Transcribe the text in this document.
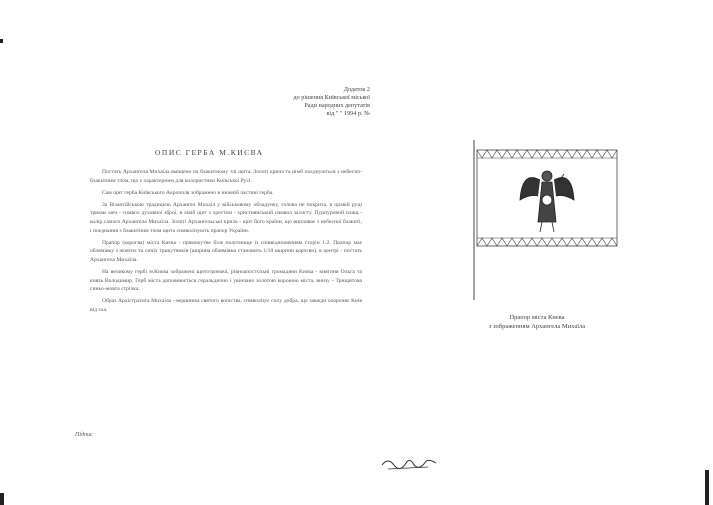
Додаток 2
до рішення Київської міської
Ради народних депутатів
від " " 1994 р. №
ОПИС ГЕРБА М.КИЄВА

Постать Архангела Михаїла вміщено на блакитному тлі щита. Золоті крила та німб поєднуються з небесно-блакитним тлом, що є характерним для колористики Київської Русі.

Сам щит герба Київського Акрополя зображено в нижній частині герба.

За Візантійською традицією Архангел Михаїл у військовому обладунку, голова не покрита, в правій руці тримає меч - символ духовної зброї, в лівій щит з хрестом - християнський символ захисту. Пурпуровий плащ - колір самого Архангела Михаїла. Золоті Архангельські крила - щит його країни, що випливає з небесної блакиті, і поєднання з блакитним тлом щита символізують прапор України.

Прапор (корогва) міста Києва - прямокутне біле полотнище із співвідношенням сторін 1:2. Прапор має облямівку з жовтих та синіх трикутників (ширина облямівки становить 1/10 ширини корогви), в центрі - постать Архангела Михаїла.

На великому гербі м.Києва зображені щитотримачі, рівноапостольні громадяни Києва - княгиня Ольга та князь Володимир. Герб міста доповнюється геральдично і увінчано золотою короною міста, внизу - Трищитова синьо-жовта стрічка.

Образ Архістратига Михаїла - вершника святого воїнства, символізує силу добра, що завжди охороняє Київ від зла.

Прапор міста Києва
з зображенням Архангела Михаїла
Підпис
